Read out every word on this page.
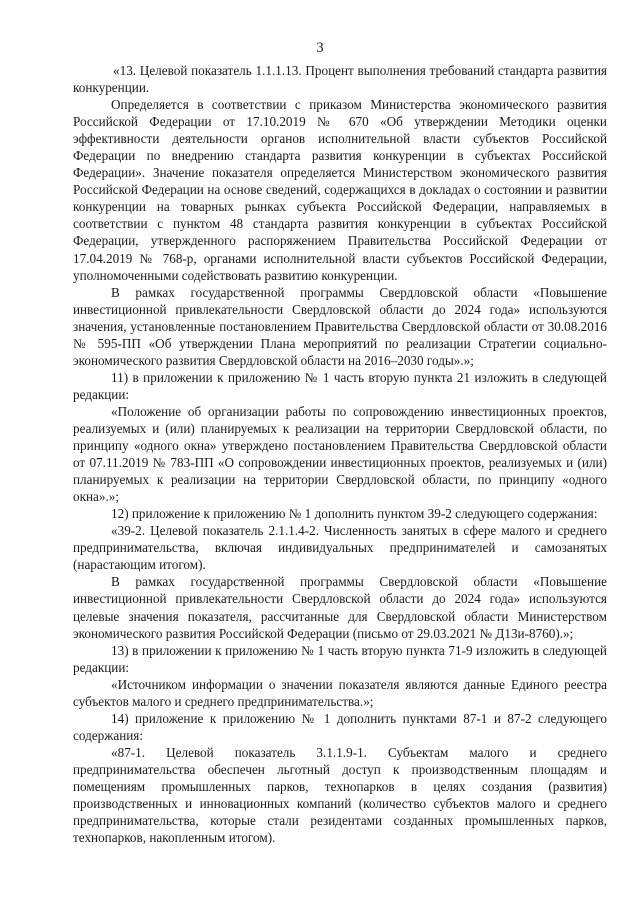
3

«13. Целевой показатель 1.1.1.13. Процент выполнения требований стандарта развития конкуренции.

Определяется в соответствии с приказом Министерства экономического развития Российской Федерации от 17.10.2019 № 670 «Об утверждении Методики оценки эффективности деятельности органов исполнительной власти субъектов Российской Федерации по внедрению стандарта развития конкуренции в субъектах Российской Федерации». Значение показателя определяется Министерством экономического развития Российской Федерации на основе сведений, содержащихся в докладах о состоянии и развитии конкуренции на товарных рынках субъекта Российской Федерации, направляемых в соответствии с пунктом 48 стандарта развития конкуренции в субъектах Российской Федерации, утвержденного распоряжением Правительства Российской Федерации от 17.04.2019 № 768-р, органами исполнительной власти субъектов Российской Федерации, уполномоченными содействовать развитию конкуренции.

В рамках государственной программы Свердловской области «Повышение инвестиционной привлекательности Свердловской области до 2024 года» используются значения, установленные постановлением Правительства Свердловской области от 30.08.2016 № 595-ПП «Об утверждении Плана мероприятий по реализации Стратегии социально-экономического развития Свердловской области на 2016–2030 годы».»;

11) в приложении к приложению № 1 часть вторую пункта 21 изложить в следующей редакции:

«Положение об организации работы по сопровождению инвестиционных проектов, реализуемых и (или) планируемых к реализации на территории Свердловской области, по принципу «одного окна» утверждено постановлением Правительства Свердловской области от 07.11.2019 № 783-ПП «О сопровождении инвестиционных проектов, реализуемых и (или) планируемых к реализации на территории Свердловской области, по принципу «одного окна».»;

12) приложение к приложению № 1 дополнить пунктом 39-2 следующего содержания:

«39-2. Целевой показатель 2.1.1.4-2. Численность занятых в сфере малого и среднего предпринимательства, включая индивидуальных предпринимателей и самозанятых (нарастающим итогом).

В рамках государственной программы Свердловской области «Повышение инвестиционной привлекательности Свердловской области до 2024 года» используются целевые значения показателя, рассчитанные для Свердловской области Министерством экономического развития Российской Федерации (письмо от 29.03.2021 № Д13и-8760).»;

13) в приложении к приложению № 1 часть вторую пункта 71-9 изложить в следующей редакции:

«Источником информации о значении показателя являются данные Единого реестра субъектов малого и среднего предпринимательства.»;

14) приложение к приложению № 1 дополнить пунктами 87-1 и 87-2 следующего содержания:

«87-1. Целевой показатель 3.1.1.9-1. Субъектам малого и среднего предпринимательства обеспечен льготный доступ к производственным площадям и помещениям промышленных парков, технопарков в целях создания (развития) производственных и инновационных компаний (количество субъектов малого и среднего предпринимательства, которые стали резидентами созданных промышленных парков, технопарков, накопленным итогом).
